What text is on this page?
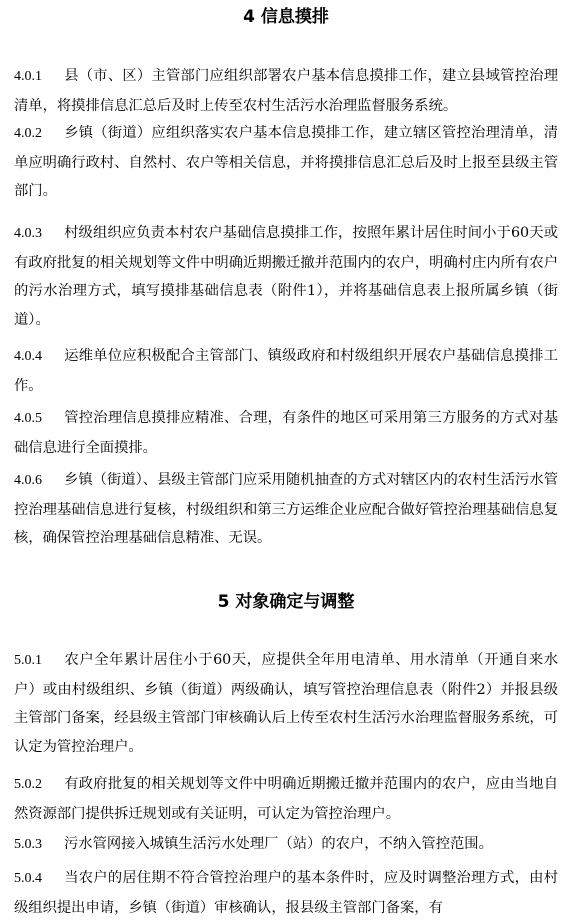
4 信息摸排

4.0.1 县（市、区）主管部门应组织部署农户基本信息摸排工作，建立县域管控治理清单，将摸排信息汇总后及时上传至农村生活污水治理监督服务系统。

4.0.2 乡镇（街道）应组织落实农户基本信息摸排工作，建立辖区管控治理清单，清单应明确行政村、自然村、农户等相关信息，并将摸排信息汇总后及时上报至县级主管部门。

4.0.3 村级组织应负责本村农户基础信息摸排工作，按照年累计居住时间小于60天或有政府批复的相关规划等文件中明确近期搬迁撤并范围内的农户，明确村庄内所有农户的污水治理方式，填写摸排基础信息表（附件1），并将基础信息表上报所属乡镇（街道）。

4.0.4 运维单位应积极配合主管部门、镇级政府和村级组织开展农户基础信息摸排工作。

4.0.5 管控治理信息摸排应精准、合理，有条件的地区可采用第三方服务的方式对基础信息进行全面摸排。

4.0.6 乡镇（街道）、县级主管部门应采用随机抽查的方式对辖区内的农村生活污水管控治理基础信息进行复核，村级组织和第三方运维企业应配合做好管控治理基础信息复核，确保管控治理基础信息精准、无误。

5 对象确定与调整

5.0.1 农户全年累计居住小于60天，应提供全年用电清单、用水清单（开通自来水户）或由村级组织、乡镇（街道）两级确认，填写管控治理信息表（附件2）并报县级主管部门备案，经县级主管部门审核确认后上传至农村生活污水治理监督服务系统，可认定为管控治理户。

5.0.2 有政府批复的相关规划等文件中明确近期搬迁撤并范围内的农户，应由当地自然资源部门提供拆迁规划或有关证明，可认定为管控治理户。

5.0.3 污水管网接入城镇生活污水处理厂（站）的农户，不纳入管控范围。

5.0.4 当农户的居住期不符合管控治理户的基本条件时，应及时调整治理方式，由村级组织提出申请，乡镇（街道）审核确认，报县级主管部门备案，有
